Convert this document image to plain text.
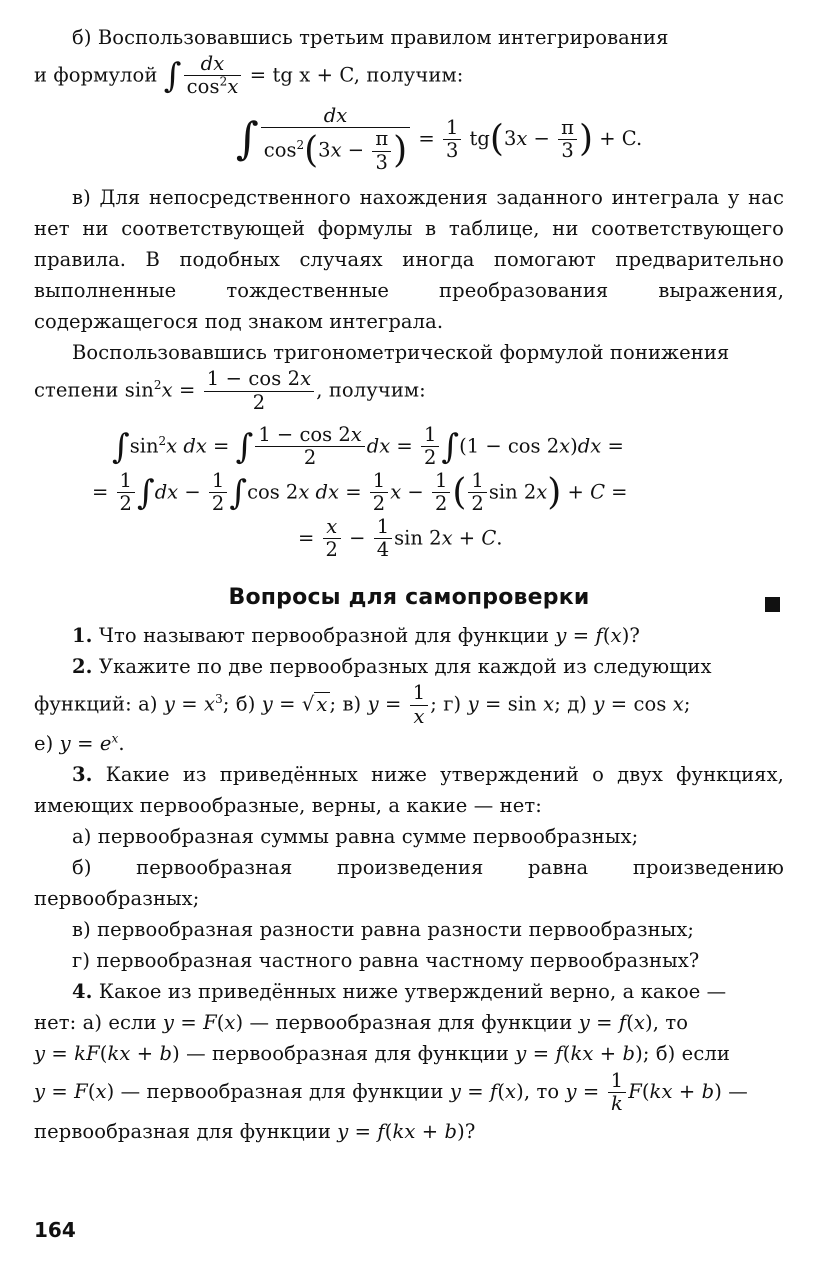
б) Воспользовавшись третьим правилом интегрирования

и формулой ∫ $\frac{dx}{\cos^2x}$ = tg x + C, получим:

∫ $\frac{dx}{\cos^2(3x - \frac{\pi}{3} )} = \frac{1}{3} tg(3x - \frac{\pi}{3}$ ) + C.

в) Для непосредственного нахождения заданного интеграла у нас нет ни соответствующей формулы в таблице, ни соответствующего правила. В подобных случаях иногда помогают предварительно выполненные тождественные преобразования выражения, содержащегося под знаком интеграла.

Воспользовавшись тригонометрической формулой понижения

степени $\sin^2x = \frac{1 - \cos 2x}{2}$ , получим:

$\int\sin^2x$ dx = ∫ $\frac{1 - \cos 2x}{2}$ dx = $\frac{1}{2} \int(1 - \cos 2x)dx$ =
= $\frac{1}{2} \int dx - \frac{1}{2} \int\cos$ 2x dx = $\frac{1}{2}$ $x - \frac{1}{2}$ ( $\frac{1}{2}$ sin 2x) + C =
= $\frac{x}{2} - \frac{1}{4}$ sin 2x + C.
Вопросы для самопроверки

1. Что называют первообразной для функции y = f(x)?

2. Укажите по две первообразных для каждой из следующих

функций: а) $y = x^3$; б) y = √ x ; в) $y = \frac{1}{x}$ ; г) y = sin x; д) y = cos x;

е) $y = e^x$.

3. Какие из приведённых ниже утверждений о двух функциях, имеющих первообразные, верны, а какие — нет:

а) первообразная суммы равна сумме первообразных;

б) первообразная произведения равна произведению первообразных;

в) первообразная разности равна разности первообразных;

г) первообразная частного равна частному первообразных?

4. Какое из приведённых ниже утверждений верно, а какое —

нет: а) если y = F(x) — первообразная для функции y = f(x), то

y = kF(kx + b) — первообразная для функции y = f(kx + b); б) если

y = F(x) — первообразная для функции y = f(x), то $y = \frac{1}{k} F(kx + b)$ —

первообразная для функции y = f(kx + b)?

164
